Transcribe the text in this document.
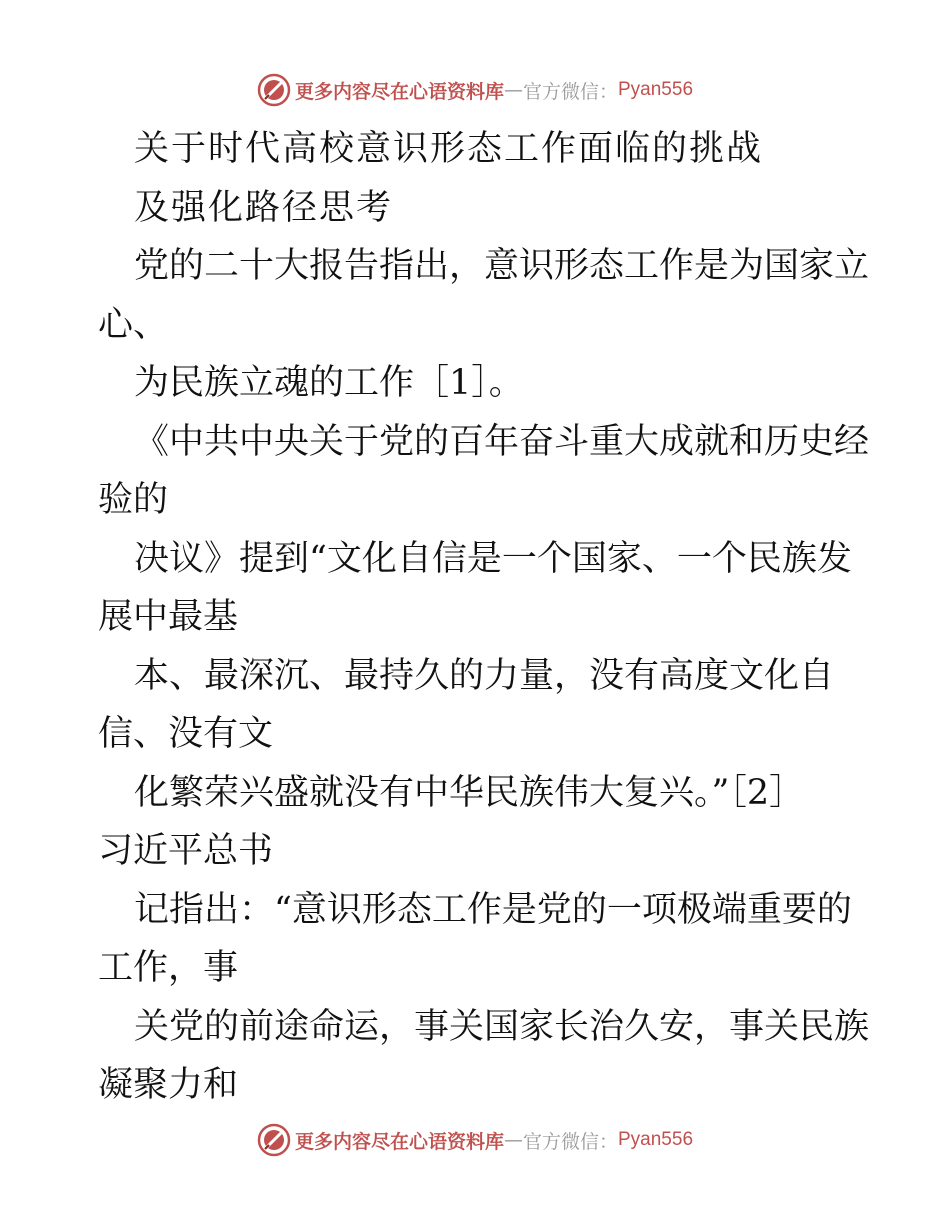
更多内容尽在心语资料库 — 官方微信： Pyan556
关于时代高校意识形态工作面临的挑战
及强化路径思考
党的二十大报告指出，意识形态工作是为国家立
心、
为民族立魂的工作［1］。
《中共中央关于党的百年奋斗重大成就和历史经
验的
决议》提到“文化自信是一个国家、一个民族发
展中最基
本、最深沉、最持久的力量，没有高度文化自
信、没有文
化繁荣兴盛就没有中华民族伟大复兴。”［2］
习近平总书
记指出：“意识形态工作是党的一项极端重要的
工作，事
关党的前途命运，事关国家长治久安，事关民族
凝聚力和
更多内容尽在心语资料库 — 官方微信： Pyan556
